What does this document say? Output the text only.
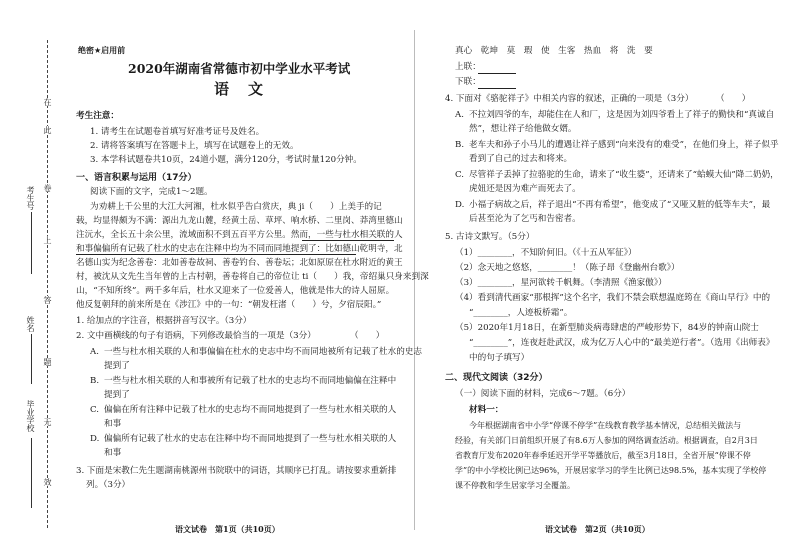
在
此
卷
上
答
题
无
效
考生号
姓名
毕业学校
绝密★启用前
2020年湖南省常德市初中学业水平考试
语　文
考生注意：
1. 请考生在试题卷首填写好准考证号及姓名。
2. 请将答案填写在答题卡上，填写在试题卷上的无效。
3. 本学科试题卷共10页，24道小题，满分120分，考试时量120分钟。
一、语言积累与运用（17分）
阅读下面的文字，完成1～2题。
为劝耕上千公里的大江大河湘，杜水似乎告白赏庆，典 ji（　　）上美手的记
载，均显得颇为不满：源出九龙山麓，经黄土岳、草坪、响水桥、二里岗、莽湾里德山
注沅水，全长五十余公里，流域面积不到五百平方公里。然而，一些与杜水相关联的人
和事偏偏所有记载了杜水的史志在注释中均为不同而同地提到了：比如德山乾明寺，北
名德山实为纪念善卷：北如善卷故祠、善卷钓台、善卷坛；北如原原在杜水附近的黄王
村，被沈从文先生当年曾的上古村朝，善卷将自己的帝位让 ti（　　）我，帝绍巢只身来到深
山，“不知所终”。两千多年后，杜水又迎来了一位爱善人，他就是伟大的诗人屈原。
他反复朝拜的前来所是在《涉江》中的一句：“朝发枉渚（　　）兮，夕宿辰阳。”
1. 给加点的字注音，根据拼音写汉字。（3分）
2. 文中画横线的句子有语病，下列修改最恰当的一项是（3分）	（　　）
A. 一些与杜水相关联的人和事偏偏在杜水的史志中均不而同地被所有记载了杜水的史志
提到了
B. 一些与杜水相关联的人和事被所有记载了杜水的史志均不而同地偏偏在注释中
提到了
C. 偏偏在所有注释中记载了杜水的史志均不而同地提到了一些与杜水相关联的人
和事
D. 偏偏所有记载了杜水的史志在注释中均不而同地提到了一些与杜水相关联的人
和事
3. 下面是宋教仁先生题湖南桃源州书院联中的词语，其顺序已打乱。请按要求重新排
列。（3分）
语文试卷　第1页（共10页）
真心　乾坤　莫　瑕　使　生客　热血　将　洗　要
上联：
下联：
4. 下面对《骆驼祥子》中相关内容的叙述，正确的一项是（3分）	（　　）
A. 不拉刘四爷的车，却能住在人和厂，这是因为刘四爷看上了祥子的勤快和“真诚自
然”，想让祥子给他做女婿。
B. 老车夫和孙子小马儿的遭遇让祥子感到“向来没有的难受”，在他们身上，祥子似乎
看到了自己的过去和将来。
C. 尽管祥子丢掉了拉骆驼的生命，请来了“收生婆”，还请来了“蛤蟆大仙”降二奶奶，
虎妞还是因为难产而死去了。
D. 小福子病故之后，祥子退出“不再有希望”，他变成了“又哑又脏的低等车夫”，最
后甚至沦为了乞丐和告密者。
5. 古诗文默写。（5分）
（1）________，不知阶何旧。（《十五从军征》）
（2）念天地之悠悠，________！（陈子昂《登幽州台歌》）
（3）________，星河欲转千帆舞。（李清照《渔家傲》）
（4）看到清代画家“那根挥”这个名字，我们不禁会联想温庭筠在《商山早行》中的
“________，人迹板桥霜”。
（5）2020年1月18日，在新型肺炎病毒肆虐的严峻形势下，84岁的钟南山院士
“________”，连夜赶赴武汉，成为亿万人心中的“最美逆行者”。（选用《出师表》
中的句子填写）
二、现代文阅读（32分）
（一）阅读下面的材料，完成6～7题。（6分）
材料一：
今年根据湖南省中小学“停课不停学”在线教育教学基本情况，总结相关做法与
经验，有关部门日前组织开展了有8.6万人参加的网络调查活动。根据调查，自2月3日
省教育厅发布2020年春季延迟开学平等播放后，截至3月18日，全省开展“停课不停
学”的中小学校比例已达96%，开展居家学习的学生比例已达98.5%，基本实现了学校停
课不停教和学生居家学习全覆盖。
语文试卷　第2页（共10页）
